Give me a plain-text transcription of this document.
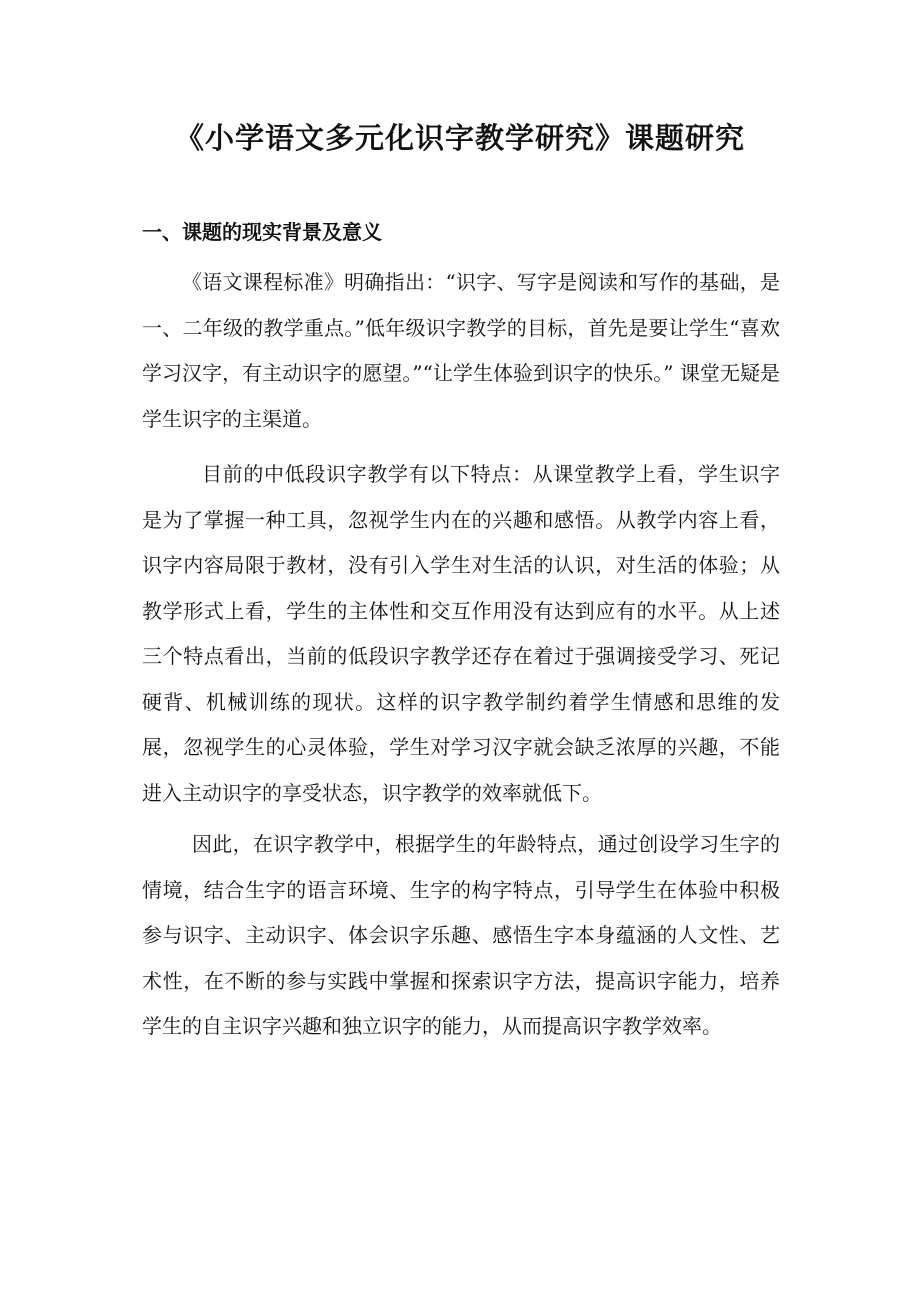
《小学语文多元化识字教学研究》课题研究
一、课题的现实背景及意义

《语文课程标准》明确指出：“识字、写字是阅读和写作的基础，是一、二年级的教学重点。”低年级识字教学的目标，首先是要让学生“喜欢学习汉字，有主动识字的愿望。”“让学生体验到识字的快乐。” 课堂无疑是学生识字的主渠道。

目前的中低段识字教学有以下特点：从课堂教学上看，学生识字是为了掌握一种工具，忽视学生内在的兴趣和感悟。从教学内容上看，识字内容局限于教材，没有引入学生对生活的认识，对生活的体验；从教学形式上看，学生的主体性和交互作用没有达到应有的水平。从上述三个特点看出，当前的低段识字教学还存在着过于强调接受学习、死记硬背、机械训练的现状。这样的识字教学制约着学生情感和思维的发展，忽视学生的心灵体验，学生对学习汉字就会缺乏浓厚的兴趣，不能进入主动识字的享受状态，识字教学的效率就低下。

因此，在识字教学中，根据学生的年龄特点，通过创设学习生字的情境，结合生字的语言环境、生字的构字特点，引导学生在体验中积极参与识字、主动识字、体会识字乐趣、感悟生字本身蕴涵的人文性、艺术性，在不断的参与实践中掌握和探索识字方法，提高识字能力，培养学生的自主识字兴趣和独立识字的能力，从而提高识字教学效率。
